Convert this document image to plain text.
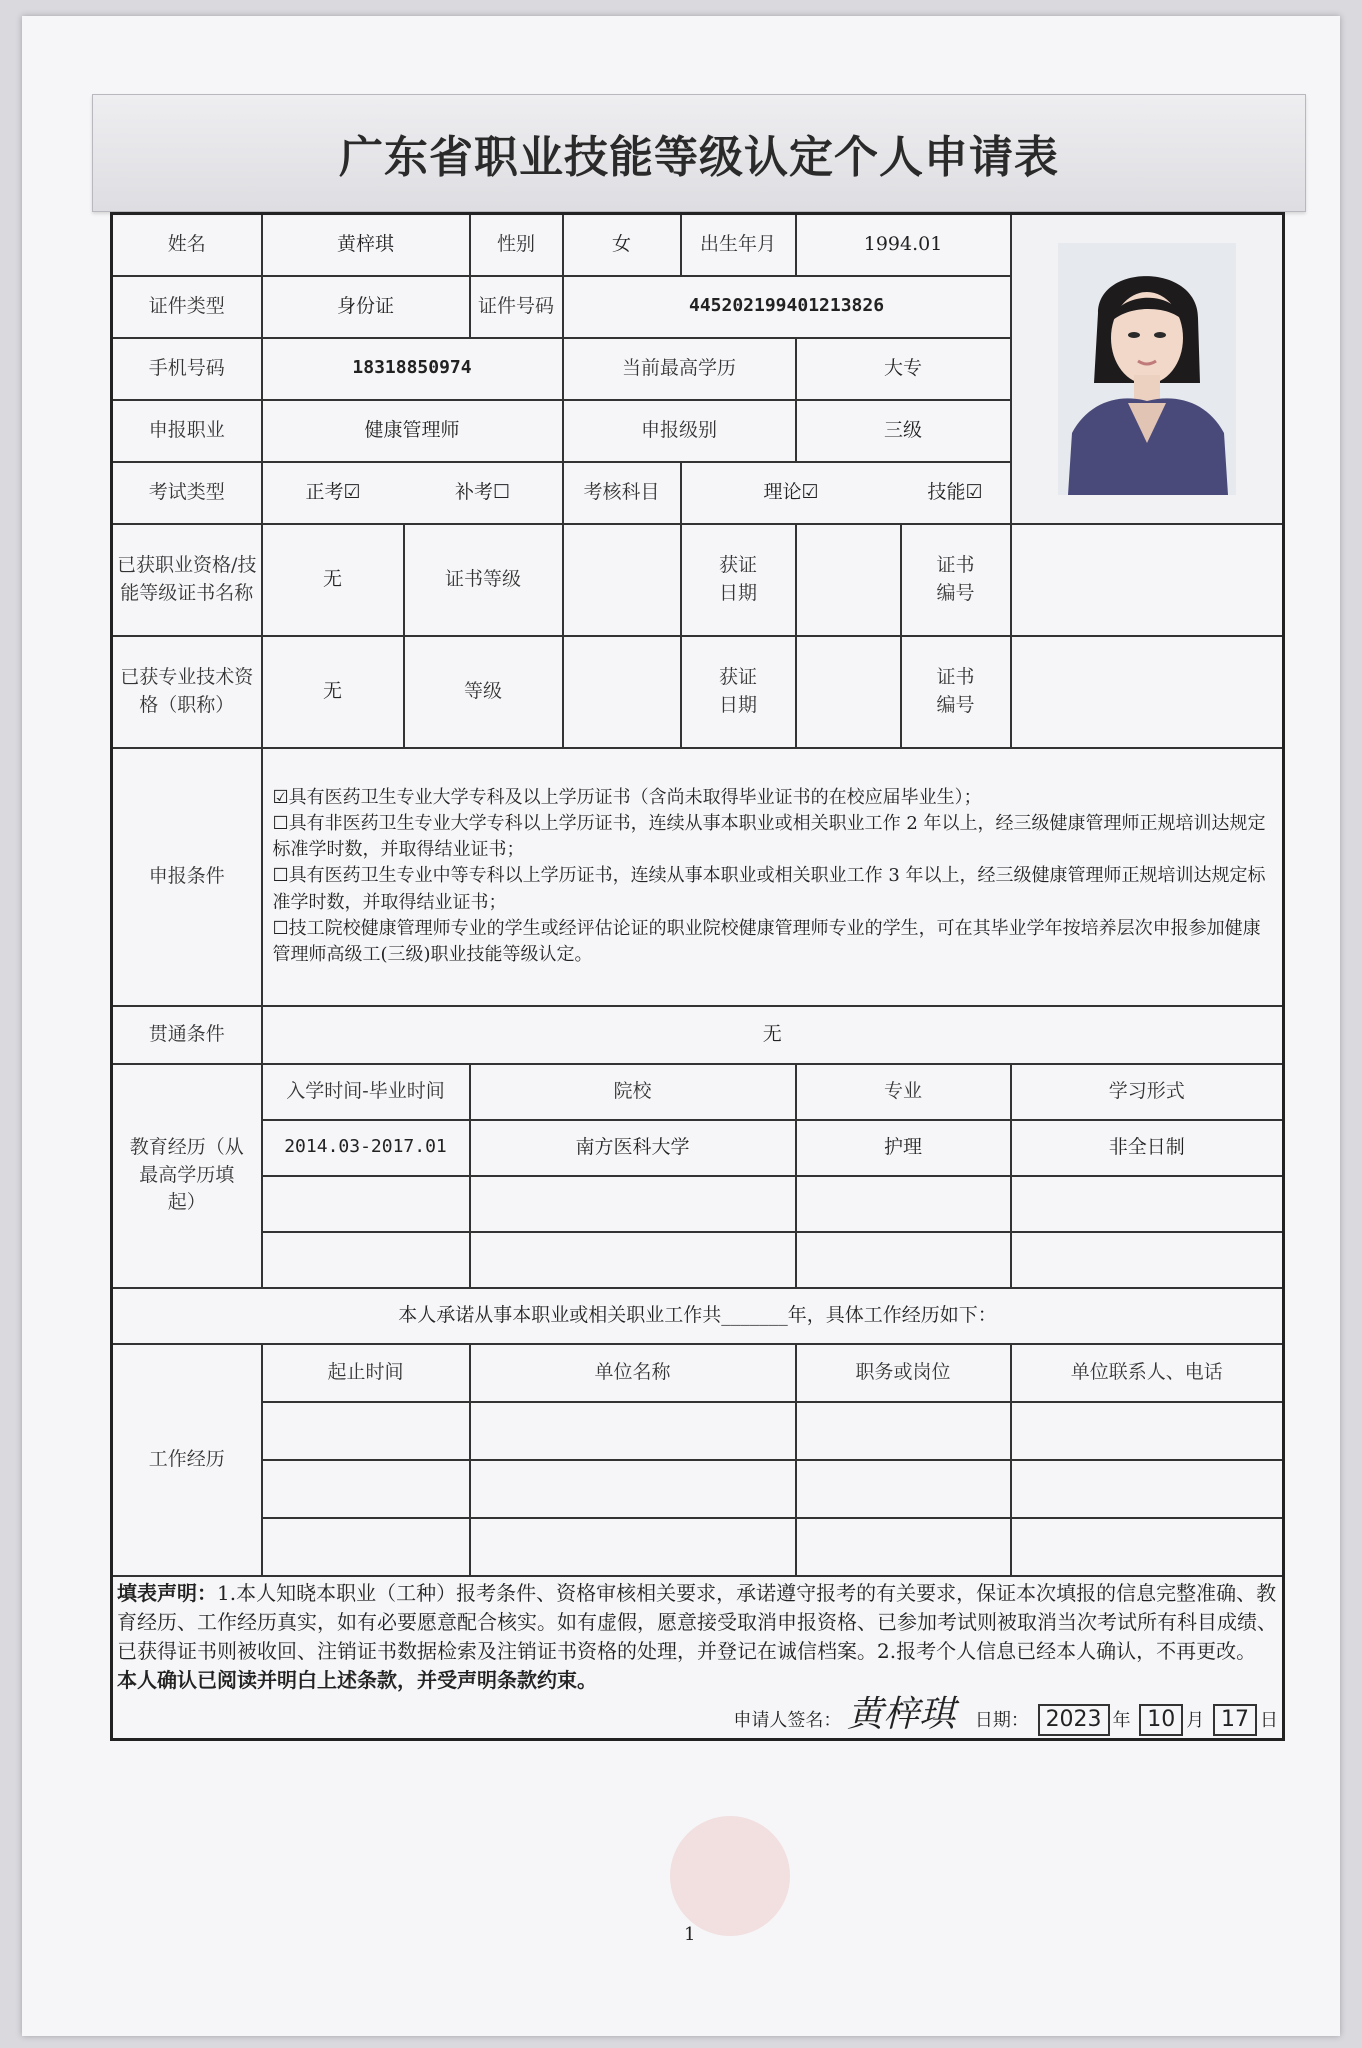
广东省职业技能等级认定个人申请表
姓名	黄梓琪		性别	女	出生年月	1994.01	

证件类型	身份证		证件号码	445202199401213826				
手机号码	18318850974			当前最高学历		大专		
申报职业	健康管理师			申报级别		三级		
考试类型	正考☑	补考☐		考核科目	理论☑		技能☑	
已获职业资格/技能等级证书名称	无	证书等级			获证日期		证书编号	
已获专业技术资格（职称）	无	等级			获证日期		证书编号	
申报条件	☑具有医药卫生专业大学专科及以上学历证书（含尚未取得毕业证书的在校应届毕业生）；
☐具有非医药卫生专业大学专科以上学历证书，连续从事本职业或相关职业工作 2 年以上，经三级健康管理师正规培训达规定标准学时数，并取得结业证书；
☐具有医药卫生专业中等专科以上学历证书，连续从事本职业或相关职业工作 3 年以上，经三级健康管理师正规培训达规定标准学时数，并取得结业证书；
☐技工院校健康管理师专业的学生或经评估论证的职业院校健康管理师专业的学生，可在其毕业学年按培养层次申报参加健康管理师高级工(三级)职业技能等级认定。							

贯通条件	无							
教育经历（从最高学历填起）	入学时间-毕业时间		院校			专业		学习形式
	2014.03-2017.01		南方医科大学			护理		非全日制

本人承诺从事本职业或相关职业工作共_______年，具体工作经历如下：								
工作经历	起止时间		单位名称			职务或岗位		单位联系人、电话

填表声明：1.本人知晓本职业（工种）报考条件、资格审核相关要求，承诺遵守报考的有关要求，保证本次填报的信息完整准确、教育经历、工作经历真实，如有必要愿意配合核实。如有虚假，愿意接受取消申报资格、已参加考试则被取消当次考试所有科目成绩、已获得证书则被收回、注销证书数据检索及注销证书资格的处理，并登记在诚信档案。2.报考个人信息已经本人确认，不再更改。
本人确认已阅读并明白上述条款，并受声明条款约束。
申请人签名： 黄梓琪 日期： 2023 年 10 月 17 日								
1
